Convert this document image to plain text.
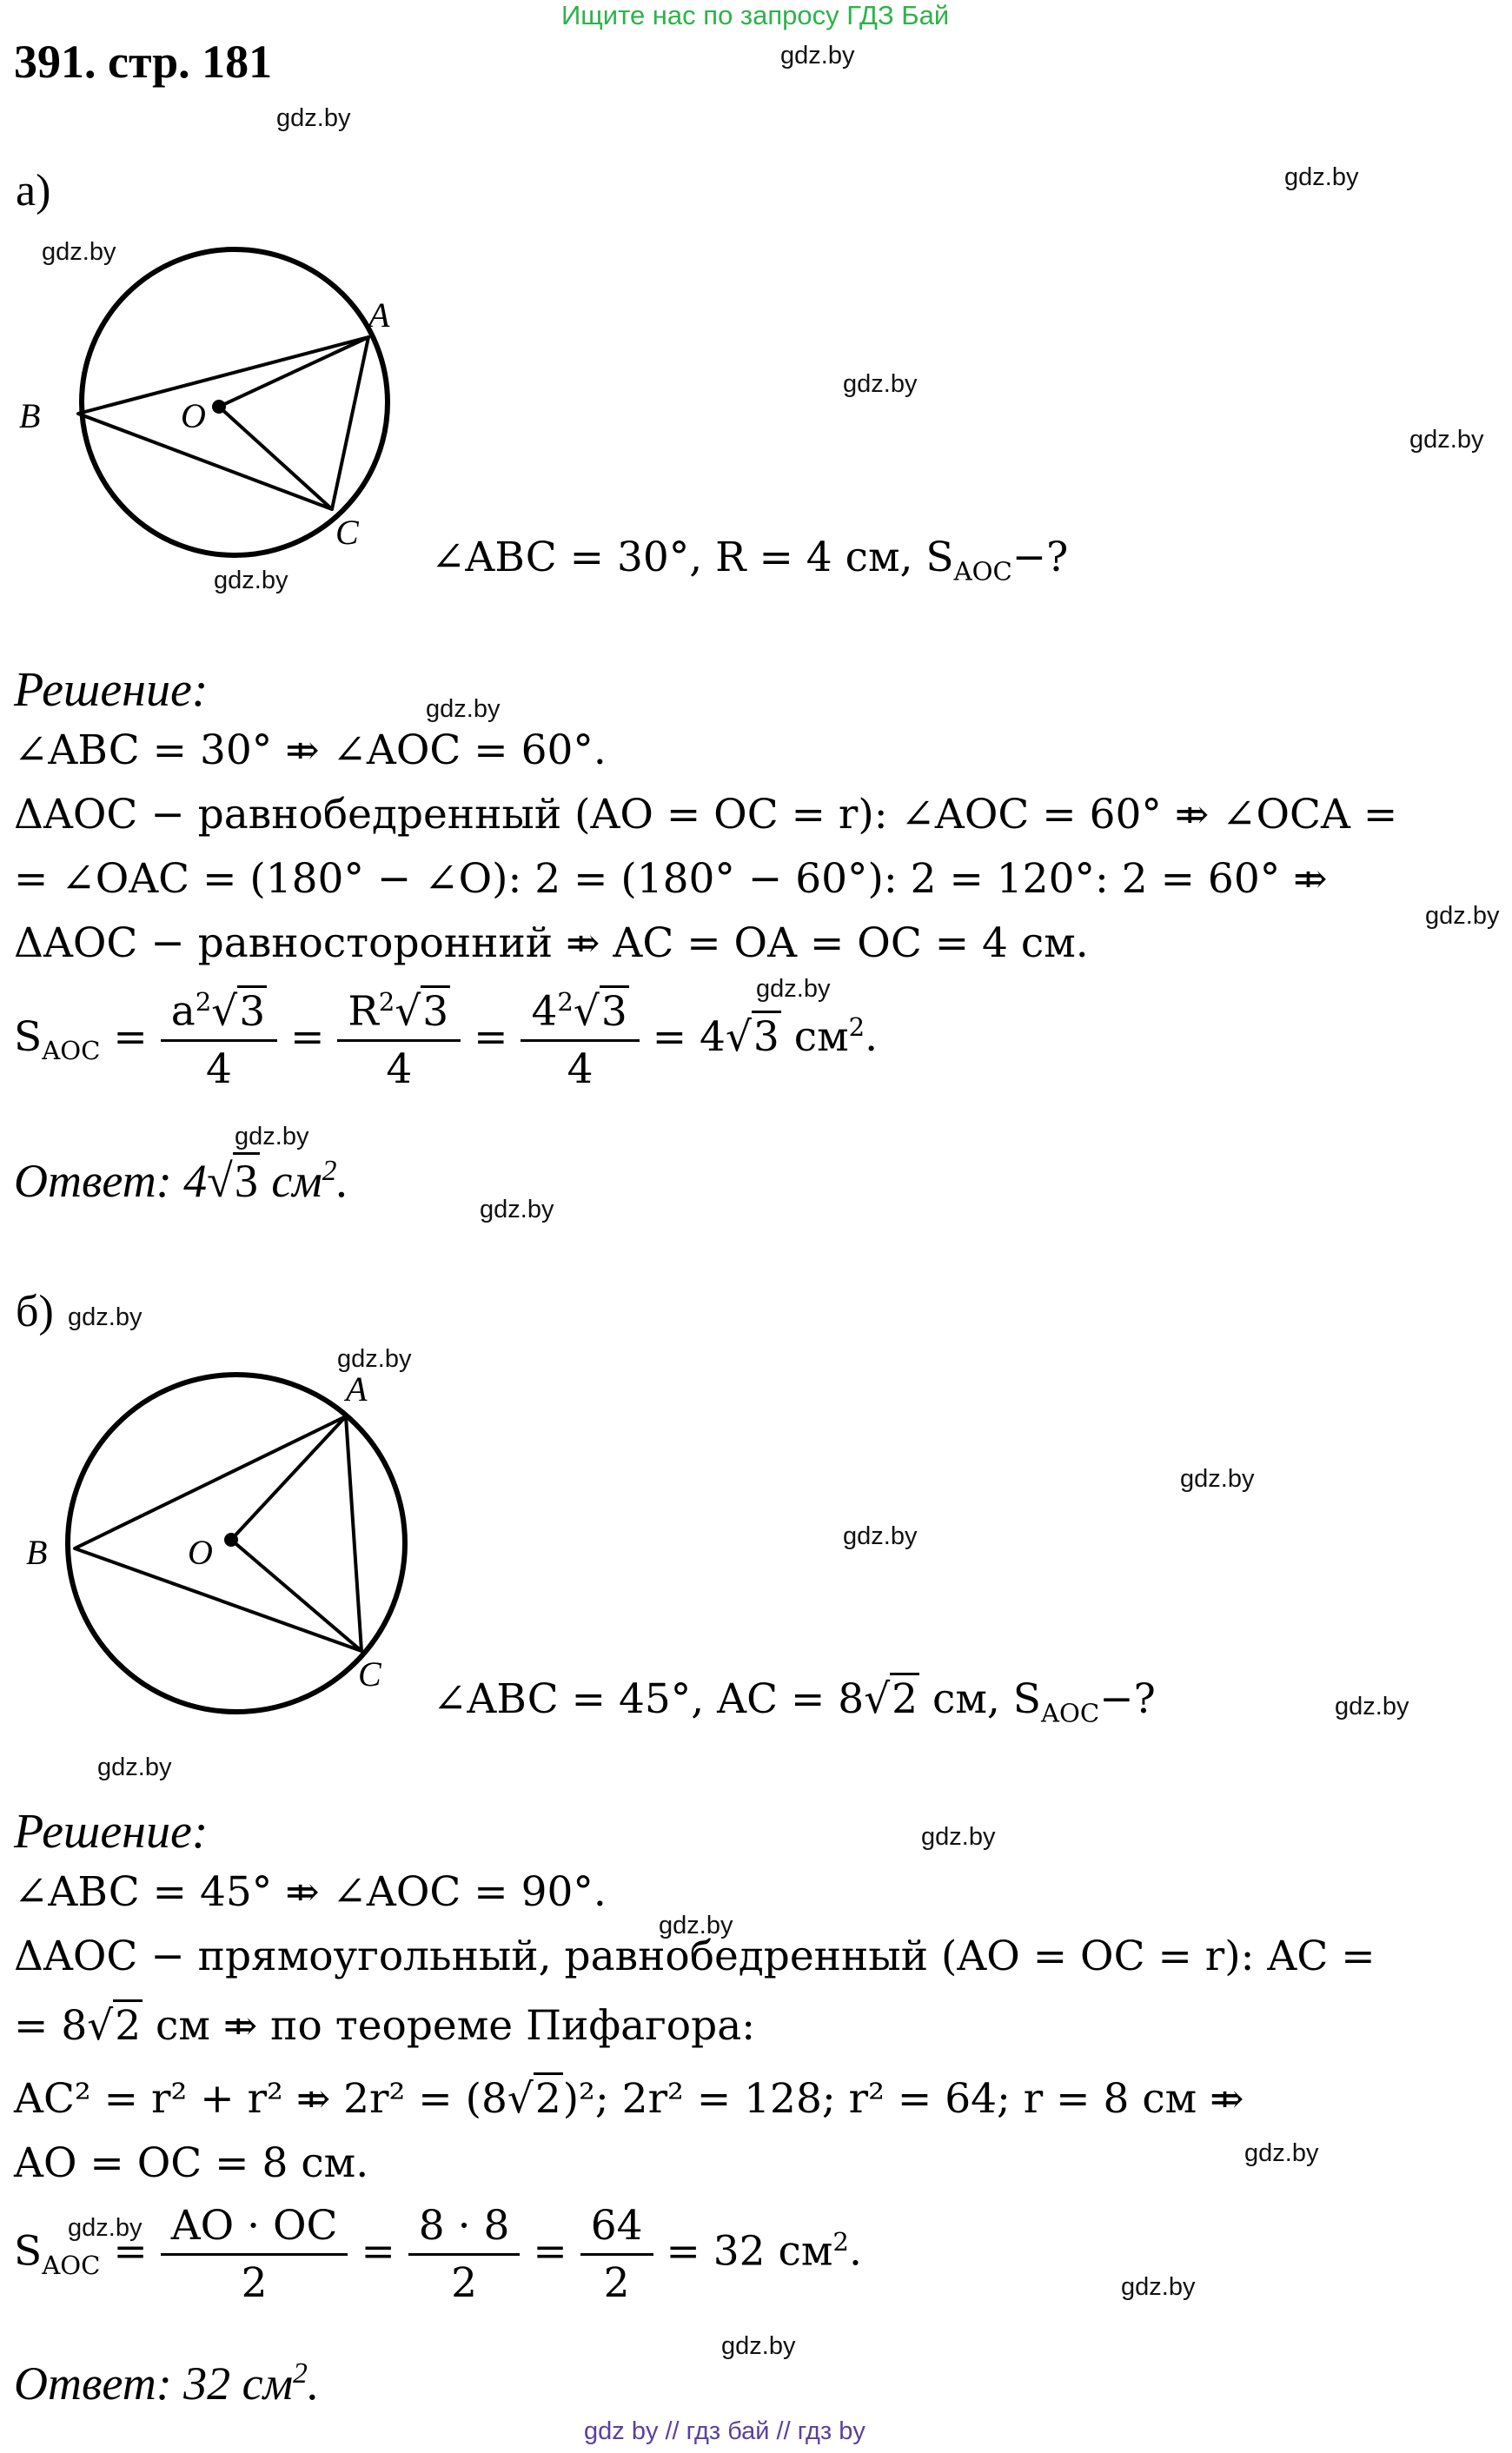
Ищите нас по запросу ГДЗ Бай
391. стр. 181	gdz.by
gdz.by
gdz.by
gdz.by
gdz.by
gdz.by
gdz.by
gdz.by
gdz.by
gdz.by
gdz.by
gdz.by
gdz.by
gdz.by
gdz.by
gdz.by
gdz.by
gdz.by
gdz.by
gdz.by
gdz.by
gdz.by
gdz.by
gdz.by
а)
B	O
A
C
∠ABC = 30°, R = 4 см, $S_{AOC}-$?
Решение:
∠ABC = 30° ⤃ ∠AOC = 60°.
ΔAOC − равнобедренный (AO = OC = r): ∠AOC = 60° ⤃ ∠OCA =
= ∠OAC = (180° − ∠O): 2 = (180° − 60°): 2 = 120°: 2 = 60° ⤃
ΔAOC − равносторонний ⤃ AC = OA = OC = 4 см.
$S_{AOC} = \frac{a^2√3}{4} = \frac{R^2√3}{4} = \frac{4^2√3}{4} = 4√3$ $см^2$.
Ответ: 4√3 $см^2$.
б)
B	O
A
C
∠ABC = 45°, AC = 8√2 см, $S_{AOC}-$?
Решение:
∠ABC = 45° ⤃ ∠AOC = 90°.
ΔAOC − прямоугольный, равнобедренный (AO = OC = r): AC =
= 8√2 см ⤃ по теореме Пифагора:
AC² = r² + r² ⤃ 2r² = (8√2)²; 2r² = 128; r² = 64; r = 8 см ⤃
AO = OC = 8 см.
$S_{AOC} = \frac{AO \cdot OC}{2} = \frac{8 \cdot 8}{2} = \frac{64}{2} = 32$ $см^2$.
Ответ: 32 $см^2$.
gdz by // гдз бай // гдз by
